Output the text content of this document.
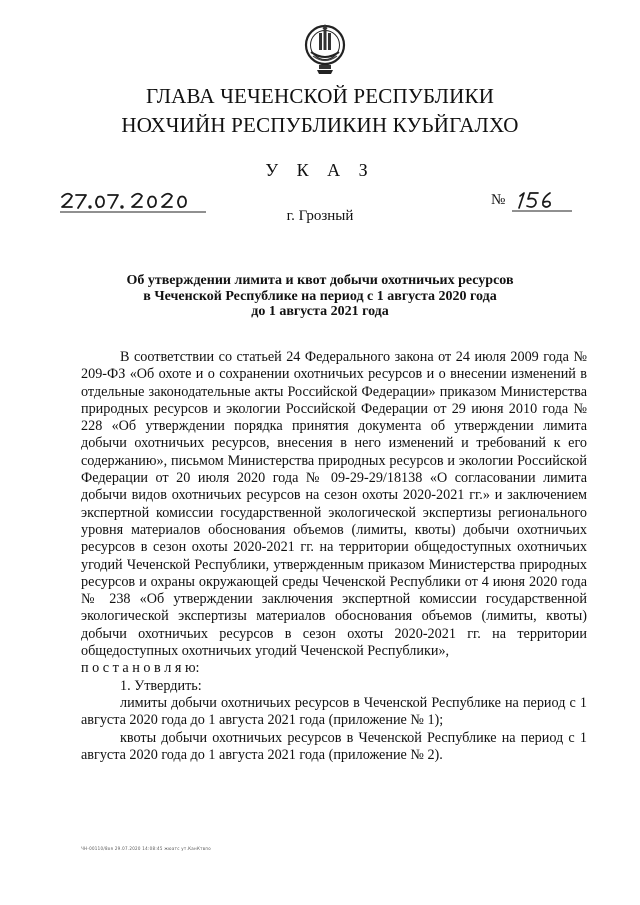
ГЛАВА ЧЕЧЕНСКОЙ РЕСПУБЛИКИ
НОХЧИЙН РЕСПУБЛИКИН КУЬЙГАЛХО
У К А З
№
г. Грозный
Об утверждении лимита и квот добычи охотничьих ресурсов
в Чеченской Республике на период с 1 августа 2020 года
до 1 августа 2021 года

В соответствии со статьей 24 Федерального закона от 24 июля 2009 года № 209-ФЗ «Об охоте и о сохранении охотничьих ресурсов и о внесении изменений в отдельные законодательные акты Российской Федерации» приказом Министерства природных ресурсов и экологии Российской Федерации от 29 июня 2010 года № 228 «Об утверждении порядка принятия документа об утверждении лимита добычи охотничьих ресурсов, внесения в него изменений и требований к его содержанию», письмом Министерства природных ресурсов и экологии Российской Федерации от 20 июля 2020 года № 09-29-29/18138 «О согласовании лимита добычи видов охотничьих ресурсов на сезон охоты 2020-2021 гг.» и заключением экспертной комиссии государственной экологической экспертизы регионального уровня материалов обоснования объемов (лимиты, квоты) добычи охотничьих ресурсов в сезон охоты 2020-2021 гг. на территории общедоступных охотничьих угодий Чеченской Республики, утвержденным приказом Министерства природных ресурсов и охраны окружающей среды Чеченской Республики от 4 июня 2020 года № 238 «Об утверждении заключения экспертной комиссии государственной экологической экспертизы материалов обоснования объемов (лимиты, квоты) добычи охотничьих ресурсов в сезон охоты 2020-2021 гг. на территории общедоступных охотничьих угодий Чеченской Республики»,

п о с т а н о в л я ю:

1. Утвердить:

лимиты добычи охотничьих ресурсов в Чеченской Республике на период с 1 августа 2020 года до 1 августа 2021 года (приложение № 1);

квоты добычи охотничьих ресурсов в Чеченской Республике на период с 1 августа 2020 года до 1 августа 2021 года (приложение № 2).

ЧН-00110/8оя 29.07.2020 14:08:45 жюатс ут.КанКтвпо
